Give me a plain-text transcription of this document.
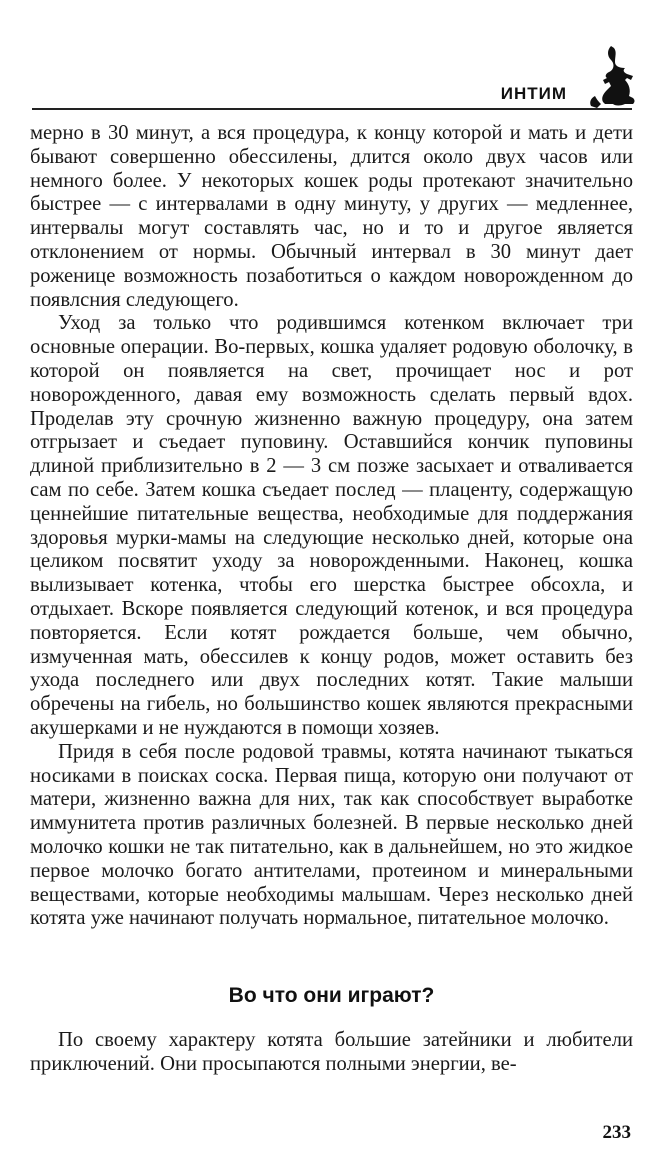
ИНТИМ

мерно в 30 минут, а вся процедура, к концу которой и мать и дети бывают совершенно обессилены, длится около двух часов или немного более. У некоторых кошек роды протекают значительно быстрее — с интервалами в одну минуту, у других — медленнее, интервалы могут составлять час, но и то и другое является отклонением от нормы. Обычный интервал в 30 минут дает роженице возможность позаботиться о каждом новорожденном до появлсния следующего.

Уход за только что родившимся котенком включает три основные операции. Во-первых, кошка удаляет родовую оболочку, в которой он появляется на свет, прочищает нос и рот новорожденного, давая ему возможность сделать первый вдох. Проделав эту срочную жизненно важную процедуру, она затем отгрызает и съедает пуповину. Оставшийся кончик пуповины длиной приблизительно в 2 — 3 см позже засыхает и отваливается сам по себе. Затем кошка съедает послед — плаценту, содержащую ценнейшие питательные вещества, необходимые для поддержания здоровья мурки-мамы на следующие несколько дней, которые она целиком посвятит уходу за новорожденными. Наконец, кошка вылизывает котенка, чтобы его шерстка быстрее обсохла, и отдыхает. Вскоре появляется следующий котенок, и вся процедура повторяется. Если котят рождается больше, чем обычно, измученная мать, обессилев к концу родов, может оставить без ухода последнего или двух последних котят. Такие малыши обречены на гибель, но большинство кошек являются прекрасными акушерками и не нуждаются в помощи хозяев.

Придя в себя после родовой травмы, котята начинают тыкаться носиками в поисках соска. Первая пища, которую они получают от матери, жизненно важна для них, так как способствует выработке иммунитета против различных болезней. В первые несколько дней молочко кошки не так питательно, как в дальнейшем, но это жидкое первое молочко богато антителами, протеином и минеральными веществами, которые необходимы малышам. Через несколько дней котята уже начинают получать нормальное, питательное молочко.

Во что они играют?

По своему характеру котята большие затейники и любители приключений. Они просыпаются полными энергии, ве-

233
